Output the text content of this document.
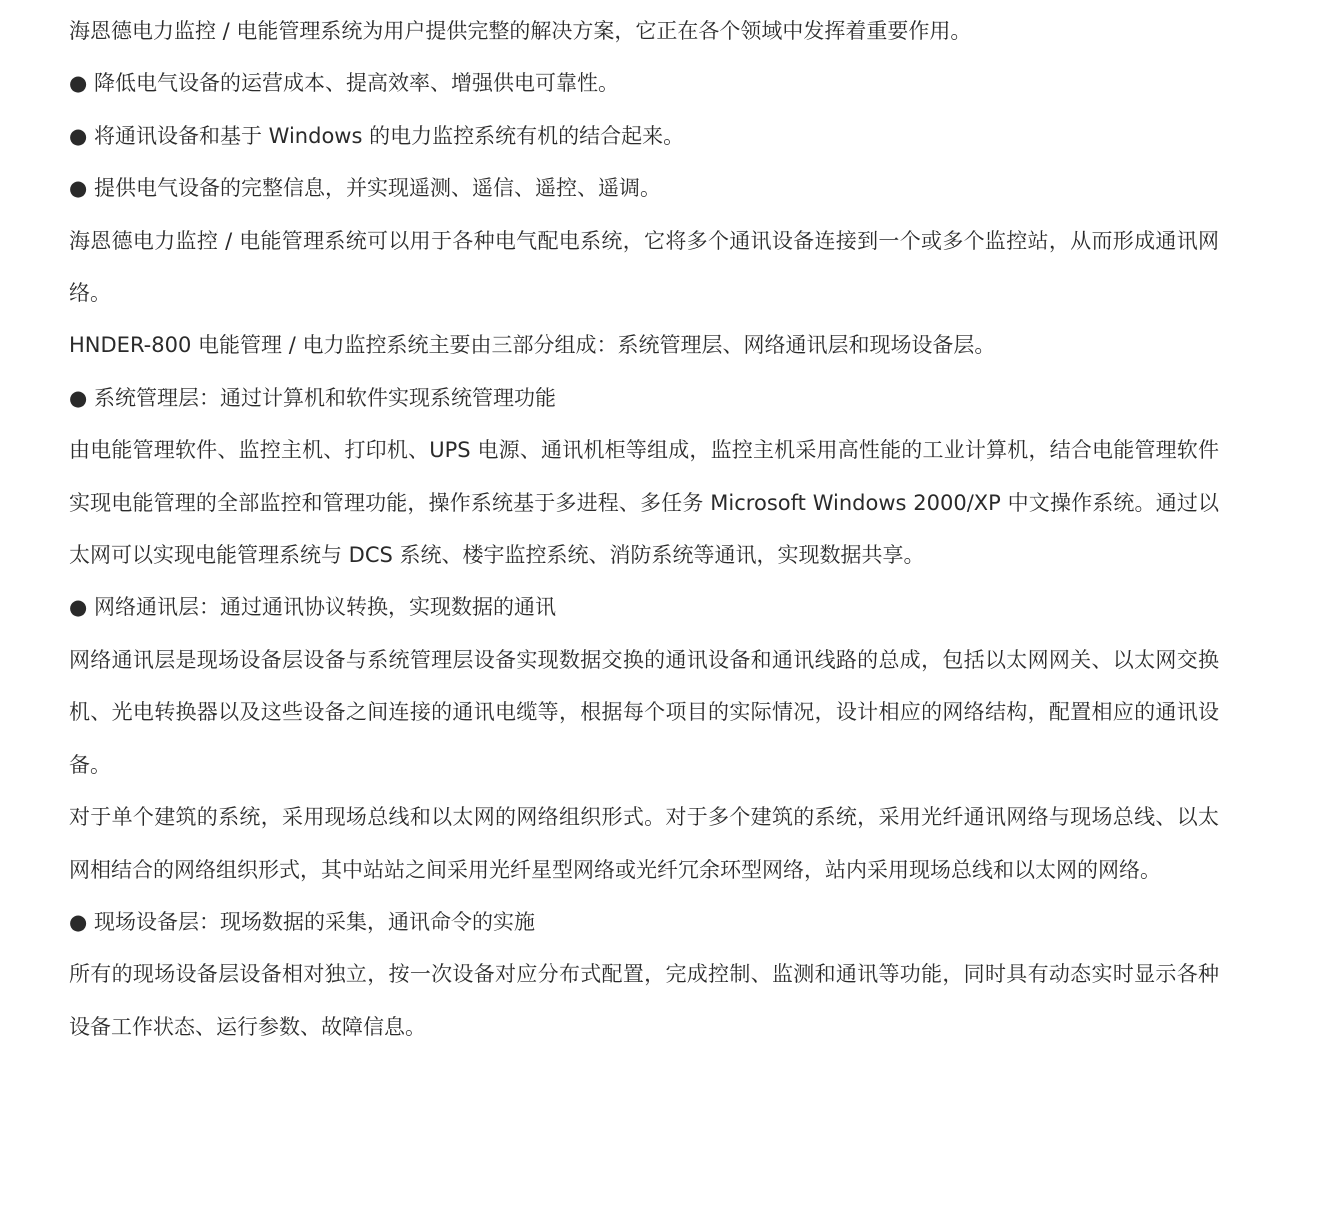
海恩德电力监控 / 电能管理系统为用户提供完整的解决方案，它正在各个领域中发挥着重要作用。

● 降低电气设备的运营成本、提高效率、增强供电可靠性。

● 将通讯设备和基于 Windows 的电力监控系统有机的结合起来。

● 提供电气设备的完整信息，并实现遥测、遥信、遥控、遥调。

海恩德电力监控 / 电能管理系统可以用于各种电气配电系统，它将多个通讯设备连接到一个或多个监控站，从而形成通讯网络。

HNDER-800 电能管理 / 电力监控系统主要由三部分组成：系统管理层、网络通讯层和现场设备层。

● 系统管理层：通过计算机和软件实现系统管理功能

由电能管理软件、监控主机、打印机、UPS 电源、通讯机柜等组成，监控主机采用高性能的工业计算机，结合电能管理软件实现电能管理的全部监控和管理功能，操作系统基于多进程、多任务 Microsoft Windows 2000/XP 中文操作系统。通过以太网可以实现电能管理系统与 DCS 系统、楼宇监控系统、消防系统等通讯，实现数据共享。

● 网络通讯层：通过通讯协议转换，实现数据的通讯

网络通讯层是现场设备层设备与系统管理层设备实现数据交换的通讯设备和通讯线路的总成，包括以太网网关、以太网交换机、光电转换器以及这些设备之间连接的通讯电缆等，根据每个项目的实际情况，设计相应的网络结构，配置相应的通讯设备。

对于单个建筑的系统，采用现场总线和以太网的网络组织形式。对于多个建筑的系统，采用光纤通讯网络与现场总线、以太网相结合的网络组织形式，其中站站之间采用光纤星型网络或光纤冗余环型网络，站内采用现场总线和以太网的网络。

● 现场设备层：现场数据的采集，通讯命令的实施

所有的现场设备层设备相对独立，按一次设备对应分布式配置，完成控制、监测和通讯等功能，同时具有动态实时显示各种设备工作状态、运行参数、故障信息。
